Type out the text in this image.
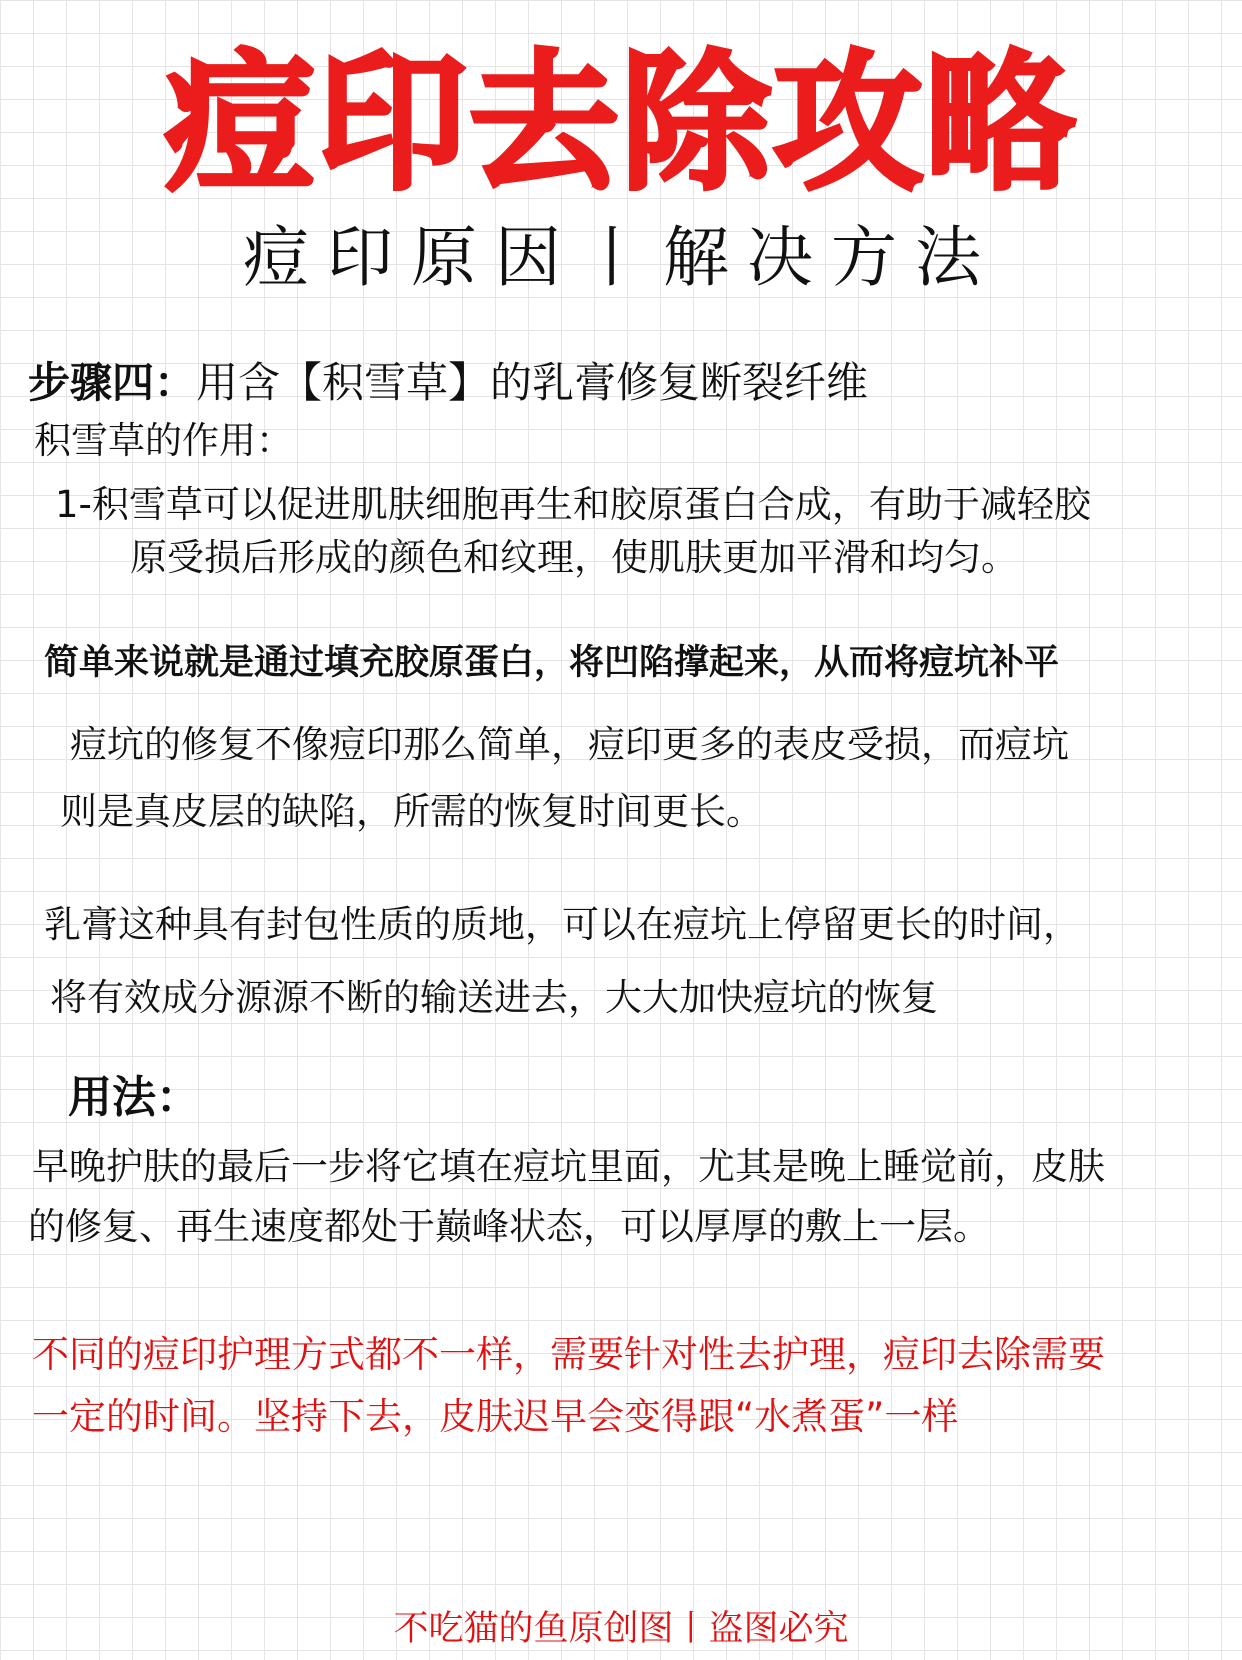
痘印去除攻略
痘印原因丨解决方法
步骤四：用含【积雪草】的乳膏修复断裂纤维
积雪草的作用：
1-积雪草可以促进肌肤细胞再生和胶原蛋白合成，有助于减轻胶
原受损后形成的颜色和纹理，使肌肤更加平滑和均匀。
简单来说就是通过填充胶原蛋白，将凹陷撑起来，从而将痘坑补平
痘坑的修复不像痘印那么简单，痘印更多的表皮受损，而痘坑
则是真皮层的缺陷，所需的恢复时间更长。
乳膏这种具有封包性质的质地，可以在痘坑上停留更长的时间，
将有效成分源源不断的输送进去，大大加快痘坑的恢复
用法：
早晚护肤的最后一步将它填在痘坑里面，尤其是晚上睡觉前，皮肤
的修复、再生速度都处于巅峰状态，可以厚厚的敷上一层。
不同的痘印护理方式都不一样，需要针对性去护理，痘印去除需要
一定的时间。坚持下去，皮肤迟早会变得跟“水煮蛋”一样
不吃猫的鱼原创图丨盗图必究
